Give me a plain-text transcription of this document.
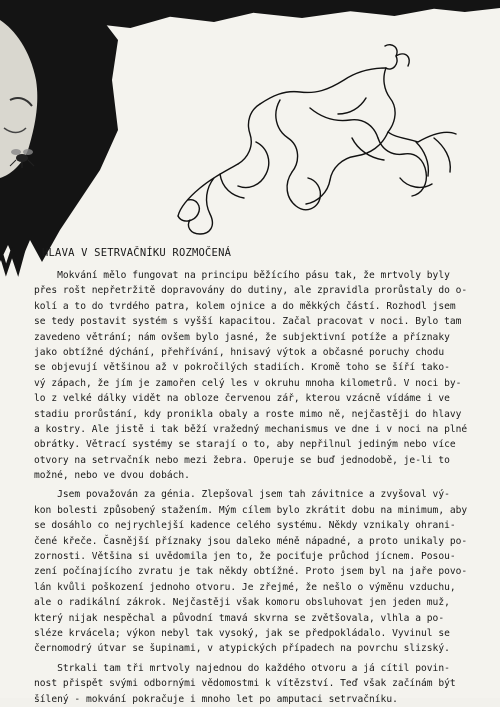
HLAVA V SETRVAČNÍKU ROZMOČENÁ
Mokvání mělo fungovat na principu běžícího pásu tak, že mrtvoly byly
přes rošt nepřetržitě dopravovány do dutiny, ale zpravidla prorůstaly do o-
kolí a to do tvrdého patra, kolem ojnice a do měkkých částí. Rozhodl jsem
se tedy postavit systém s vyšší kapacitou. Začal pracovat v noci. Bylo tam
zavedeno větrání; nám ovšem bylo jasné, že subjektivní potíže a příznaky
jako obtížné dýchání, přehřívání, hnisavý výtok a občasné poruchy chodu
se objevují většinou až v pokročilých stadiích. Kromě toho se šíří tako-
vý zápach, že jím je zamořen celý les v okruhu mnoha kilometrů. V noci by-
lo z velké dálky vidět na obloze červenou zář, kterou vzácně vídáme i ve
stadiu prorůstání, kdy pronikla obaly a roste mimo ně, nejčastěji do hlavy
a kostry. Ale jistě i tak běží vražedný mechanismus ve dne i v noci na plné
obrátky. Větrací systémy se starají o to, aby nepřilnul jediným nebo více
otvory na setrvačník nebo mezi žebra. Operuje se buď jednodobě, je-li to
možné, nebo ve dvou dobách.
Jsem považován za génia. Zlepšoval jsem tah závitnice a zvyšoval vý-
kon bolesti způsobený stažením. Mým cílem bylo zkrátit dobu na minimum, aby
se dosáhlo co nejrychlejší kadence celého systému. Někdy vznikaly ohrani-
čené křeče. Časnější příznaky jsou daleko méně nápadné, a proto unikaly po-
zornosti. Většina si uvědomila jen to, že pociťuje průchod jícnem. Posou-
zení počínajícího zvratu je tak někdy obtížné. Proto jsem byl na jaře povo-
lán kvůli poškození jednoho otvoru. Je zřejmé, že nešlo o výměnu vzduchu,
ale o radikální zákrok. Nejčastěji však komoru obsluhovat jen jeden muž,
který nijak nespěchal a původní tmavá skvrna se zvětšovala, vlhla a po-
sléze krvácela; výkon nebyl tak vysoký, jak se předpokládalo. Vyvinul se
černomodrý útvar se šupinami, v atypických případech na povrchu slizský.
Strkali tam tři mrtvoly najednou do každého otvoru a já cítil povin-
nost přispět svými odbornými vědomostmi k vítězství. Teď však začínám být
šílený - mokvání pokračuje i mnoho let po amputaci setrvačníku.
